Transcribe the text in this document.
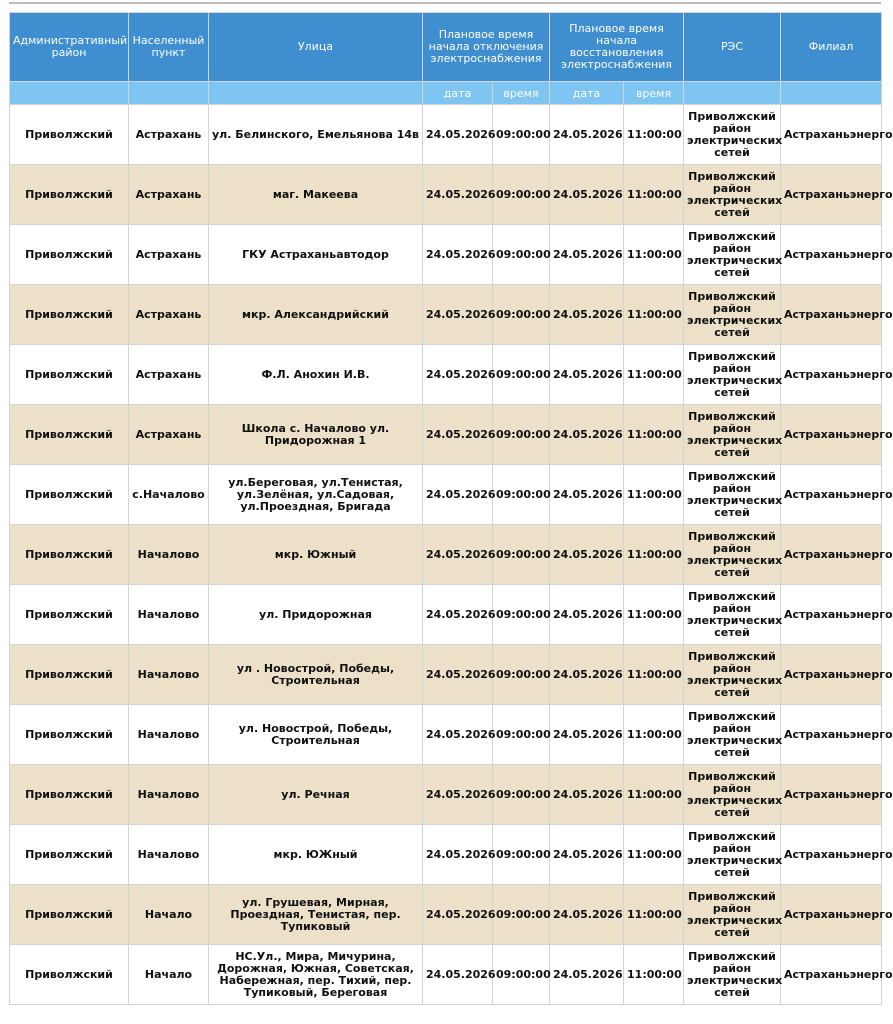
Административный район	Населенный пункт	Улица	Плановое время начала отключения электроснабжения		Плановое время начала восстановления электроснабжения		РЭС	Филиал
			дата	время	дата	время		
Приволжский	Астрахань	ул. Белинского, Емельянова 14в	24.05.2026	09:00:00	24.05.2026	11:00:00	Приволжский район электрических сетей	Астраханьэнерго
Приволжский	Астрахань	маг. Макеева	24.05.2026	09:00:00	24.05.2026	11:00:00	Приволжский район электрических сетей	Астраханьэнерго
Приволжский	Астрахань	ГКУ Астраханьавтодор	24.05.2026	09:00:00	24.05.2026	11:00:00	Приволжский район электрических сетей	Астраханьэнерго
Приволжский	Астрахань	мкр. Александрийский	24.05.2026	09:00:00	24.05.2026	11:00:00	Приволжский район электрических сетей	Астраханьэнерго
Приволжский	Астрахань	Ф.Л. Анохин И.В.	24.05.2026	09:00:00	24.05.2026	11:00:00	Приволжский район электрических сетей	Астраханьэнерго
Приволжский	Астрахань	Школа с. Началово ул. Придорожная 1	24.05.2026	09:00:00	24.05.2026	11:00:00	Приволжский район электрических сетей	Астраханьэнерго
Приволжский	с.Началово	ул.Береговая, ул.Тенистая, ул.Зелёная, ул.Садовая, ул.Проездная, Бригада	24.05.2026	09:00:00	24.05.2026	11:00:00	Приволжский район электрических сетей	Астраханьэнерго
Приволжский	Началово	мкр. Южный	24.05.2026	09:00:00	24.05.2026	11:00:00	Приволжский район электрических сетей	Астраханьэнерго
Приволжский	Началово	ул. Придорожная	24.05.2026	09:00:00	24.05.2026	11:00:00	Приволжский район электрических сетей	Астраханьэнерго
Приволжский	Началово	ул . Новострой, Победы, Строительная	24.05.2026	09:00:00	24.05.2026	11:00:00	Приволжский район электрических сетей	Астраханьэнерго
Приволжский	Началово	ул. Новострой, Победы, Строительная	24.05.2026	09:00:00	24.05.2026	11:00:00	Приволжский район электрических сетей	Астраханьэнерго
Приволжский	Началово	ул. Речная	24.05.2026	09:00:00	24.05.2026	11:00:00	Приволжский район электрических сетей	Астраханьэнерго
Приволжский	Началово	мкр. ЮЖный	24.05.2026	09:00:00	24.05.2026	11:00:00	Приволжский район электрических сетей	Астраханьэнерго
Приволжский	Начало	ул. Грушевая, Мирная, Проездная, Тенистая, пер. Тупиковый	24.05.2026	09:00:00	24.05.2026	11:00:00	Приволжский район электрических сетей	Астраханьэнерго
Приволжский	Начало	НС.Ул., Мира, Мичурина, Дорожная, Южная, Советская, Набережная, пер. Тихий, пер. Тупиковый, Береговая	24.05.2026	09:00:00	24.05.2026	11:00:00	Приволжский район электрических сетей	Астраханьэнерго
